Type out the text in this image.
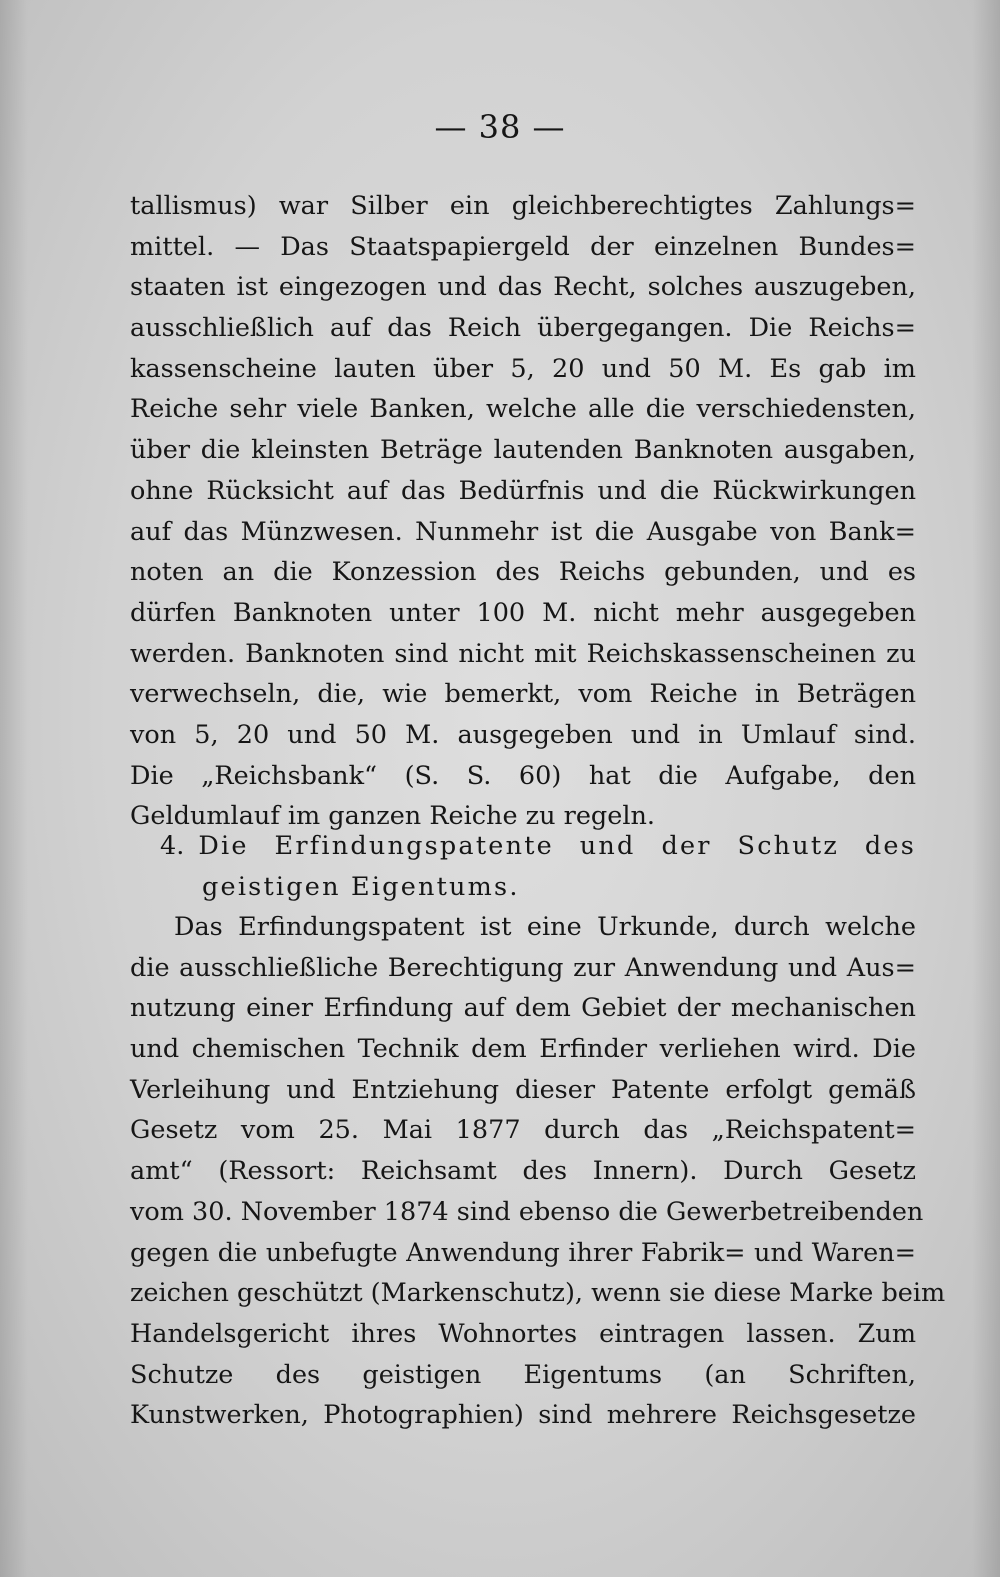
— 38 —
tallismus) war Silber ein gleichberechtigtes Zahlungs=
mittel. — Das Staatspapiergeld der einzelnen Bundes=
staaten ist eingezogen und das Recht, solches auszugeben,
ausschließlich auf das Reich übergegangen. Die Reichs=
kassenscheine lauten über 5, 20 und 50 M. Es gab im
Reiche sehr viele Banken, welche alle die verschiedensten,
über die kleinsten Beträge lautenden Banknoten ausgaben,
ohne Rücksicht auf das Bedürfnis und die Rückwirkungen
auf das Münzwesen. Nunmehr ist die Ausgabe von Bank=
noten an die Konzession des Reichs gebunden, und es
dürfen Banknoten unter 100 M. nicht mehr ausgegeben
werden. Banknoten sind nicht mit Reichskassenscheinen zu
verwechseln, die, wie bemerkt, vom Reiche in Beträgen
von 5, 20 und 50 M. ausgegeben und in Umlauf sind.
Die „Reichsbank“ (S. S. 60) hat die Aufgabe, den
Geldumlauf im ganzen Reiche zu regeln.
4. Die Erfindungspatente und der Schutz des
geistigen Eigentums.
Das Erfindungspatent ist eine Urkunde, durch welche
die ausschließliche Berechtigung zur Anwendung und Aus=
nutzung einer Erfindung auf dem Gebiet der mechanischen
und chemischen Technik dem Erfinder verliehen wird. Die
Verleihung und Entziehung dieser Patente erfolgt gemäß
Gesetz vom 25. Mai 1877 durch das „Reichspatent=
amt“ (Ressort: Reichsamt des Innern). Durch Gesetz
vom 30. November 1874 sind ebenso die Gewerbetreibenden
gegen die unbefugte Anwendung ihrer Fabrik= und Waren=
zeichen geschützt (Markenschutz), wenn sie diese Marke beim
Handelsgericht ihres Wohnortes eintragen lassen. Zum
Schutze des geistigen Eigentums (an Schriften,
Kunstwerken, Photographien) sind mehrere Reichsgesetze
